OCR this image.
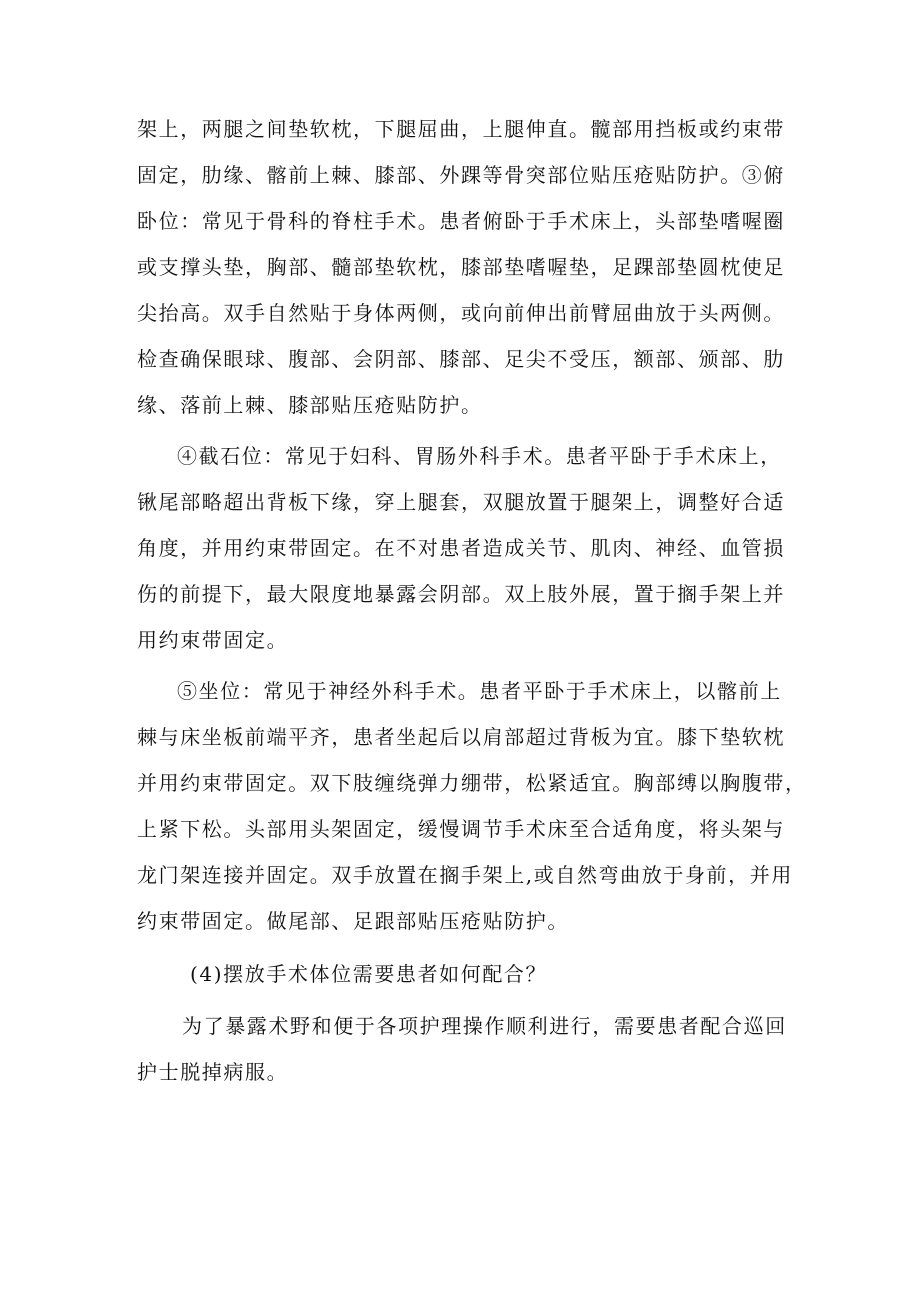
架上，两腿之间垫软枕，下腿屈曲，上腿伸直。髋部用挡板或约束带
固定，肋缘、髂前上棘、膝部、外踝等骨突部位贴压疮贴防护。③俯
卧位：常见于骨科的脊柱手术。患者俯卧于手术床上，头部垫嗜喔圈
或支撑头垫，胸部、髓部垫软枕，膝部垫嗜喔垫，足踝部垫圆枕使足
尖抬高。双手自然贴于身体两侧，或向前伸出前臂屈曲放于头两侧。
检查确保眼球、腹部、会阴部、膝部、足尖不受压，额部、颁部、肋
缘、落前上棘、膝部贴压疮贴防护。
④截石位：常见于妇科、胃肠外科手术。患者平卧于手术床上，
锹尾部略超出背板下缘，穿上腿套，双腿放置于腿架上，调整好合适
角度，并用约束带固定。在不对患者造成关节、肌肉、神经、血管损
伤的前提下，最大限度地暴露会阴部。双上肢外展，置于搁手架上并
用约束带固定。
⑤坐位：常见于神经外科手术。患者平卧于手术床上，以髂前上
棘与床坐板前端平齐，患者坐起后以肩部超过背板为宜。膝下垫软枕
并用约束带固定。双下肢缠绕弹力绷带，松紧适宜。胸部缚以胸腹带，
上紧下松。头部用头架固定，缓慢调节手术床至合适角度，将头架与
龙门架连接并固定。双手放置在搁手架上,或自然弯曲放于身前，并用
约束带固定。做尾部、足跟部贴压疮贴防护。
(4)摆放手术体位需要患者如何配合？
为了暴露术野和便于各项护理操作顺利进行，需要患者配合巡回
护士脱掉病服。
